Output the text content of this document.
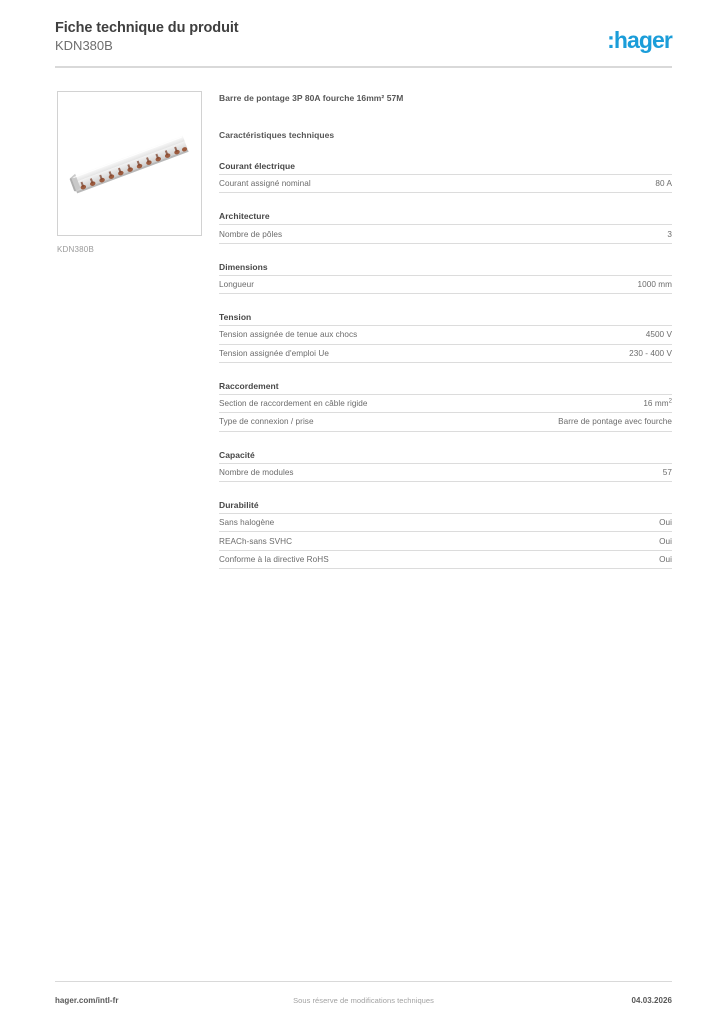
Fiche technique du produit
KDN380B	:hager
KDN380B
Barre de pontage 3P 80A fourche 16mm² 57M
Caractéristiques techniques
Courant électrique
Courant assigné nominal	80 A
Architecture
Nombre de pôles	3
Dimensions
Longueur	1000 mm
Tension
Tension assignée de tenue aux chocs	4500 V
Tension assignée d'emploi Ue	230 - 400 V
Raccordement
Section de raccordement en câble rigide	16 $mm^2$
Type de connexion / prise	Barre de pontage avec fourche
Capacité
Nombre de modules	57
Durabilité
Sans halogène	Oui
REACh-sans SVHC	Oui
Conforme à la directive RoHS	Oui
hager.com/intl-fr	Sous réserve de modifications techniques	04.03.2026
